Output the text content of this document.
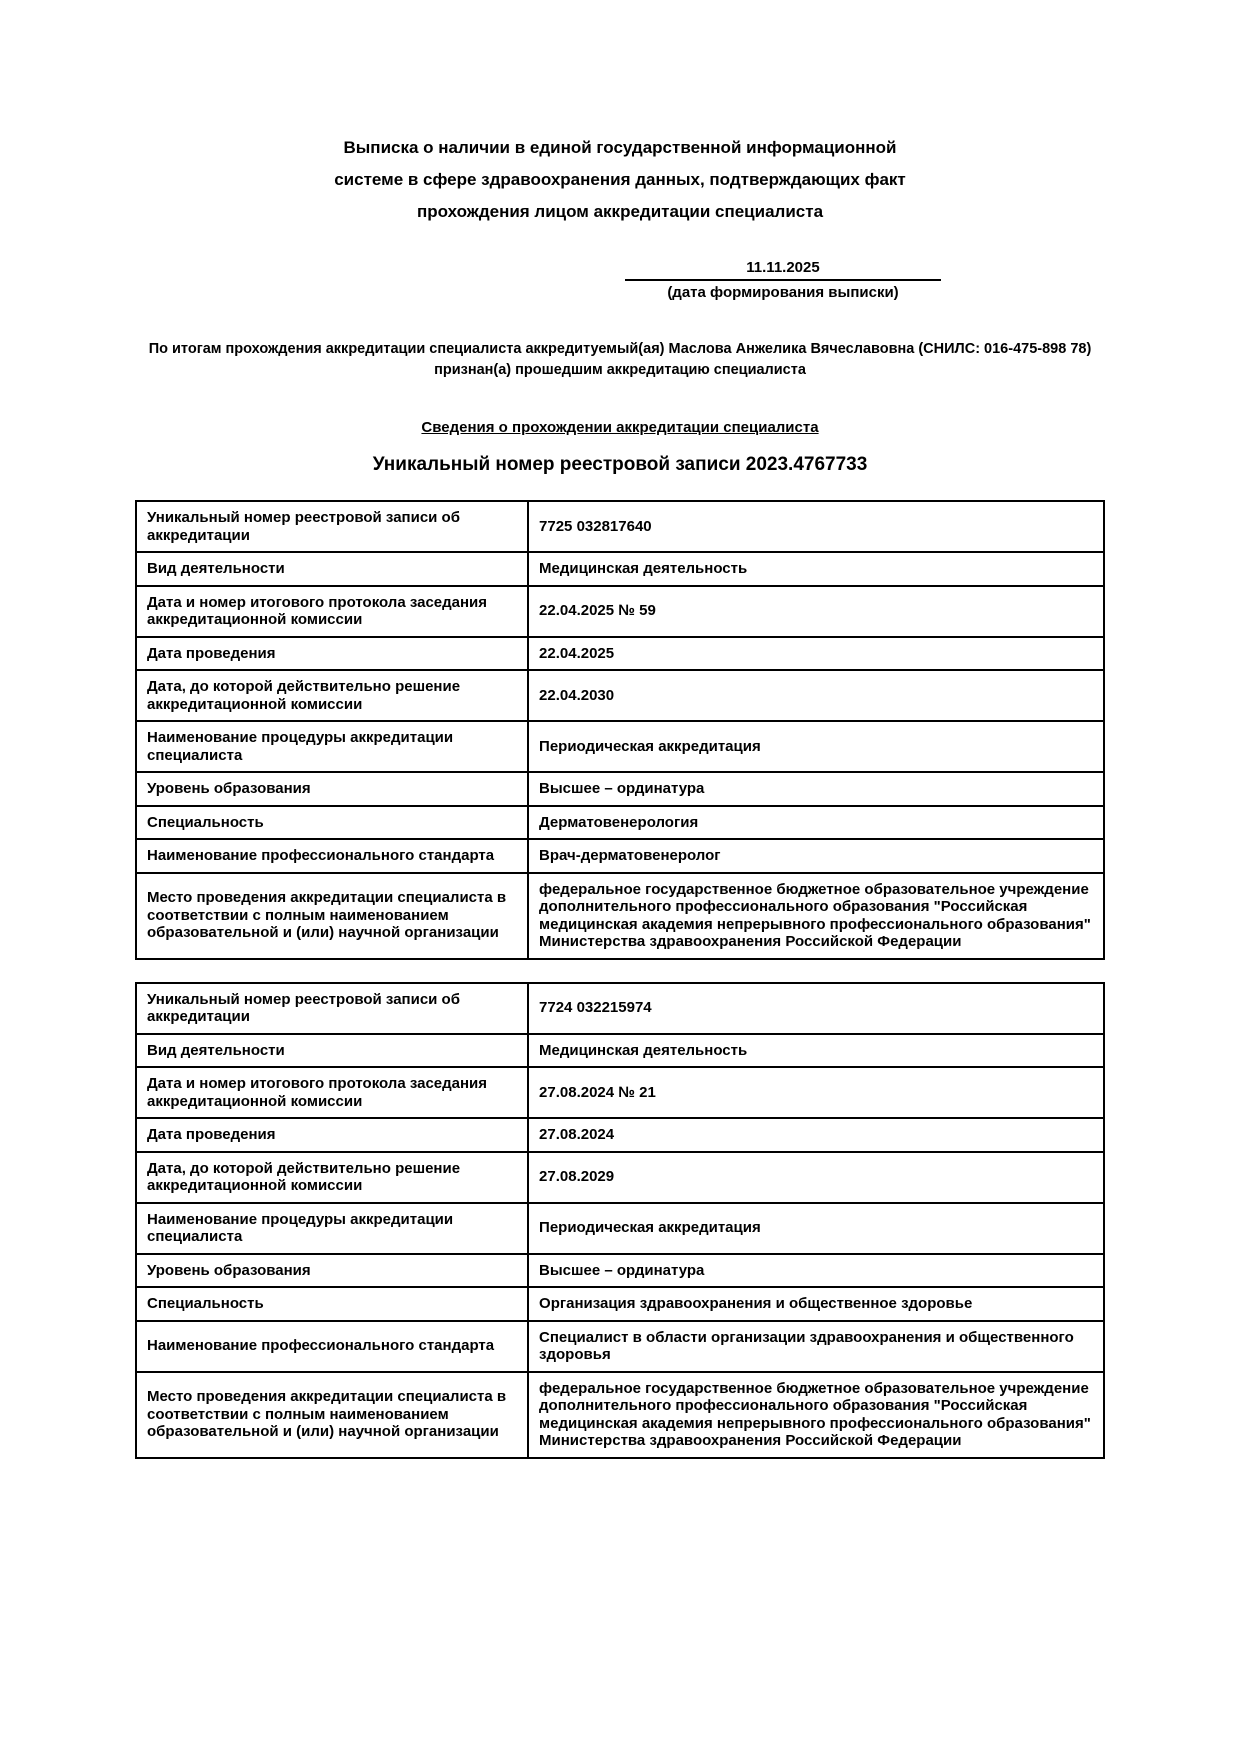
Выписка о наличии в единой государственной информационной
системе в сфере здравоохранения данных, подтверждающих факт
прохождения лицом аккредитации специалиста
11.11.2025
(дата формирования выписки)

По итогам прохождения аккредитации специалиста аккредитуемый(ая) Маслова Анжелика Вячеславовна (СНИЛС: 016-475-898 78) признан(а) прошедшим аккредитацию специалиста

Сведения о прохождении аккредитации специалиста
Уникальный номер реестровой записи 2023.4767733
Уникальный номер реестровой записи об аккредитации	7725 032817640
Вид деятельности	Медицинская деятельность
Дата и номер итогового протокола заседания аккредитационной комиссии	22.04.2025 № 59
Дата проведения	22.04.2025
Дата, до которой действительно решение аккредитационной комиссии	22.04.2030
Наименование процедуры аккредитации специалиста	Периодическая аккредитация
Уровень образования	Высшее – ординатура
Специальность	Дерматовенерология
Наименование профессионального стандарта	Врач-дерматовенеролог
Место проведения аккредитации специалиста в соответствии с полным наименованием образовательной и (или) научной организации	федеральное государственное бюджетное образовательное учреждение дополнительного профессионального образования "Российская медицинская академия непрерывного профессионального образования" Министерства здравоохранения Российской Федерации
Уникальный номер реестровой записи об аккредитации	7724 032215974
Вид деятельности	Медицинская деятельность
Дата и номер итогового протокола заседания аккредитационной комиссии	27.08.2024 № 21
Дата проведения	27.08.2024
Дата, до которой действительно решение аккредитационной комиссии	27.08.2029
Наименование процедуры аккредитации специалиста	Периодическая аккредитация
Уровень образования	Высшее – ординатура
Специальность	Организация здравоохранения и общественное здоровье
Наименование профессионального стандарта	Специалист в области организации здравоохранения и общественного здоровья
Место проведения аккредитации специалиста в соответствии с полным наименованием образовательной и (или) научной организации	федеральное государственное бюджетное образовательное учреждение дополнительного профессионального образования "Российская медицинская академия непрерывного профессионального образования" Министерства здравоохранения Российской Федерации
